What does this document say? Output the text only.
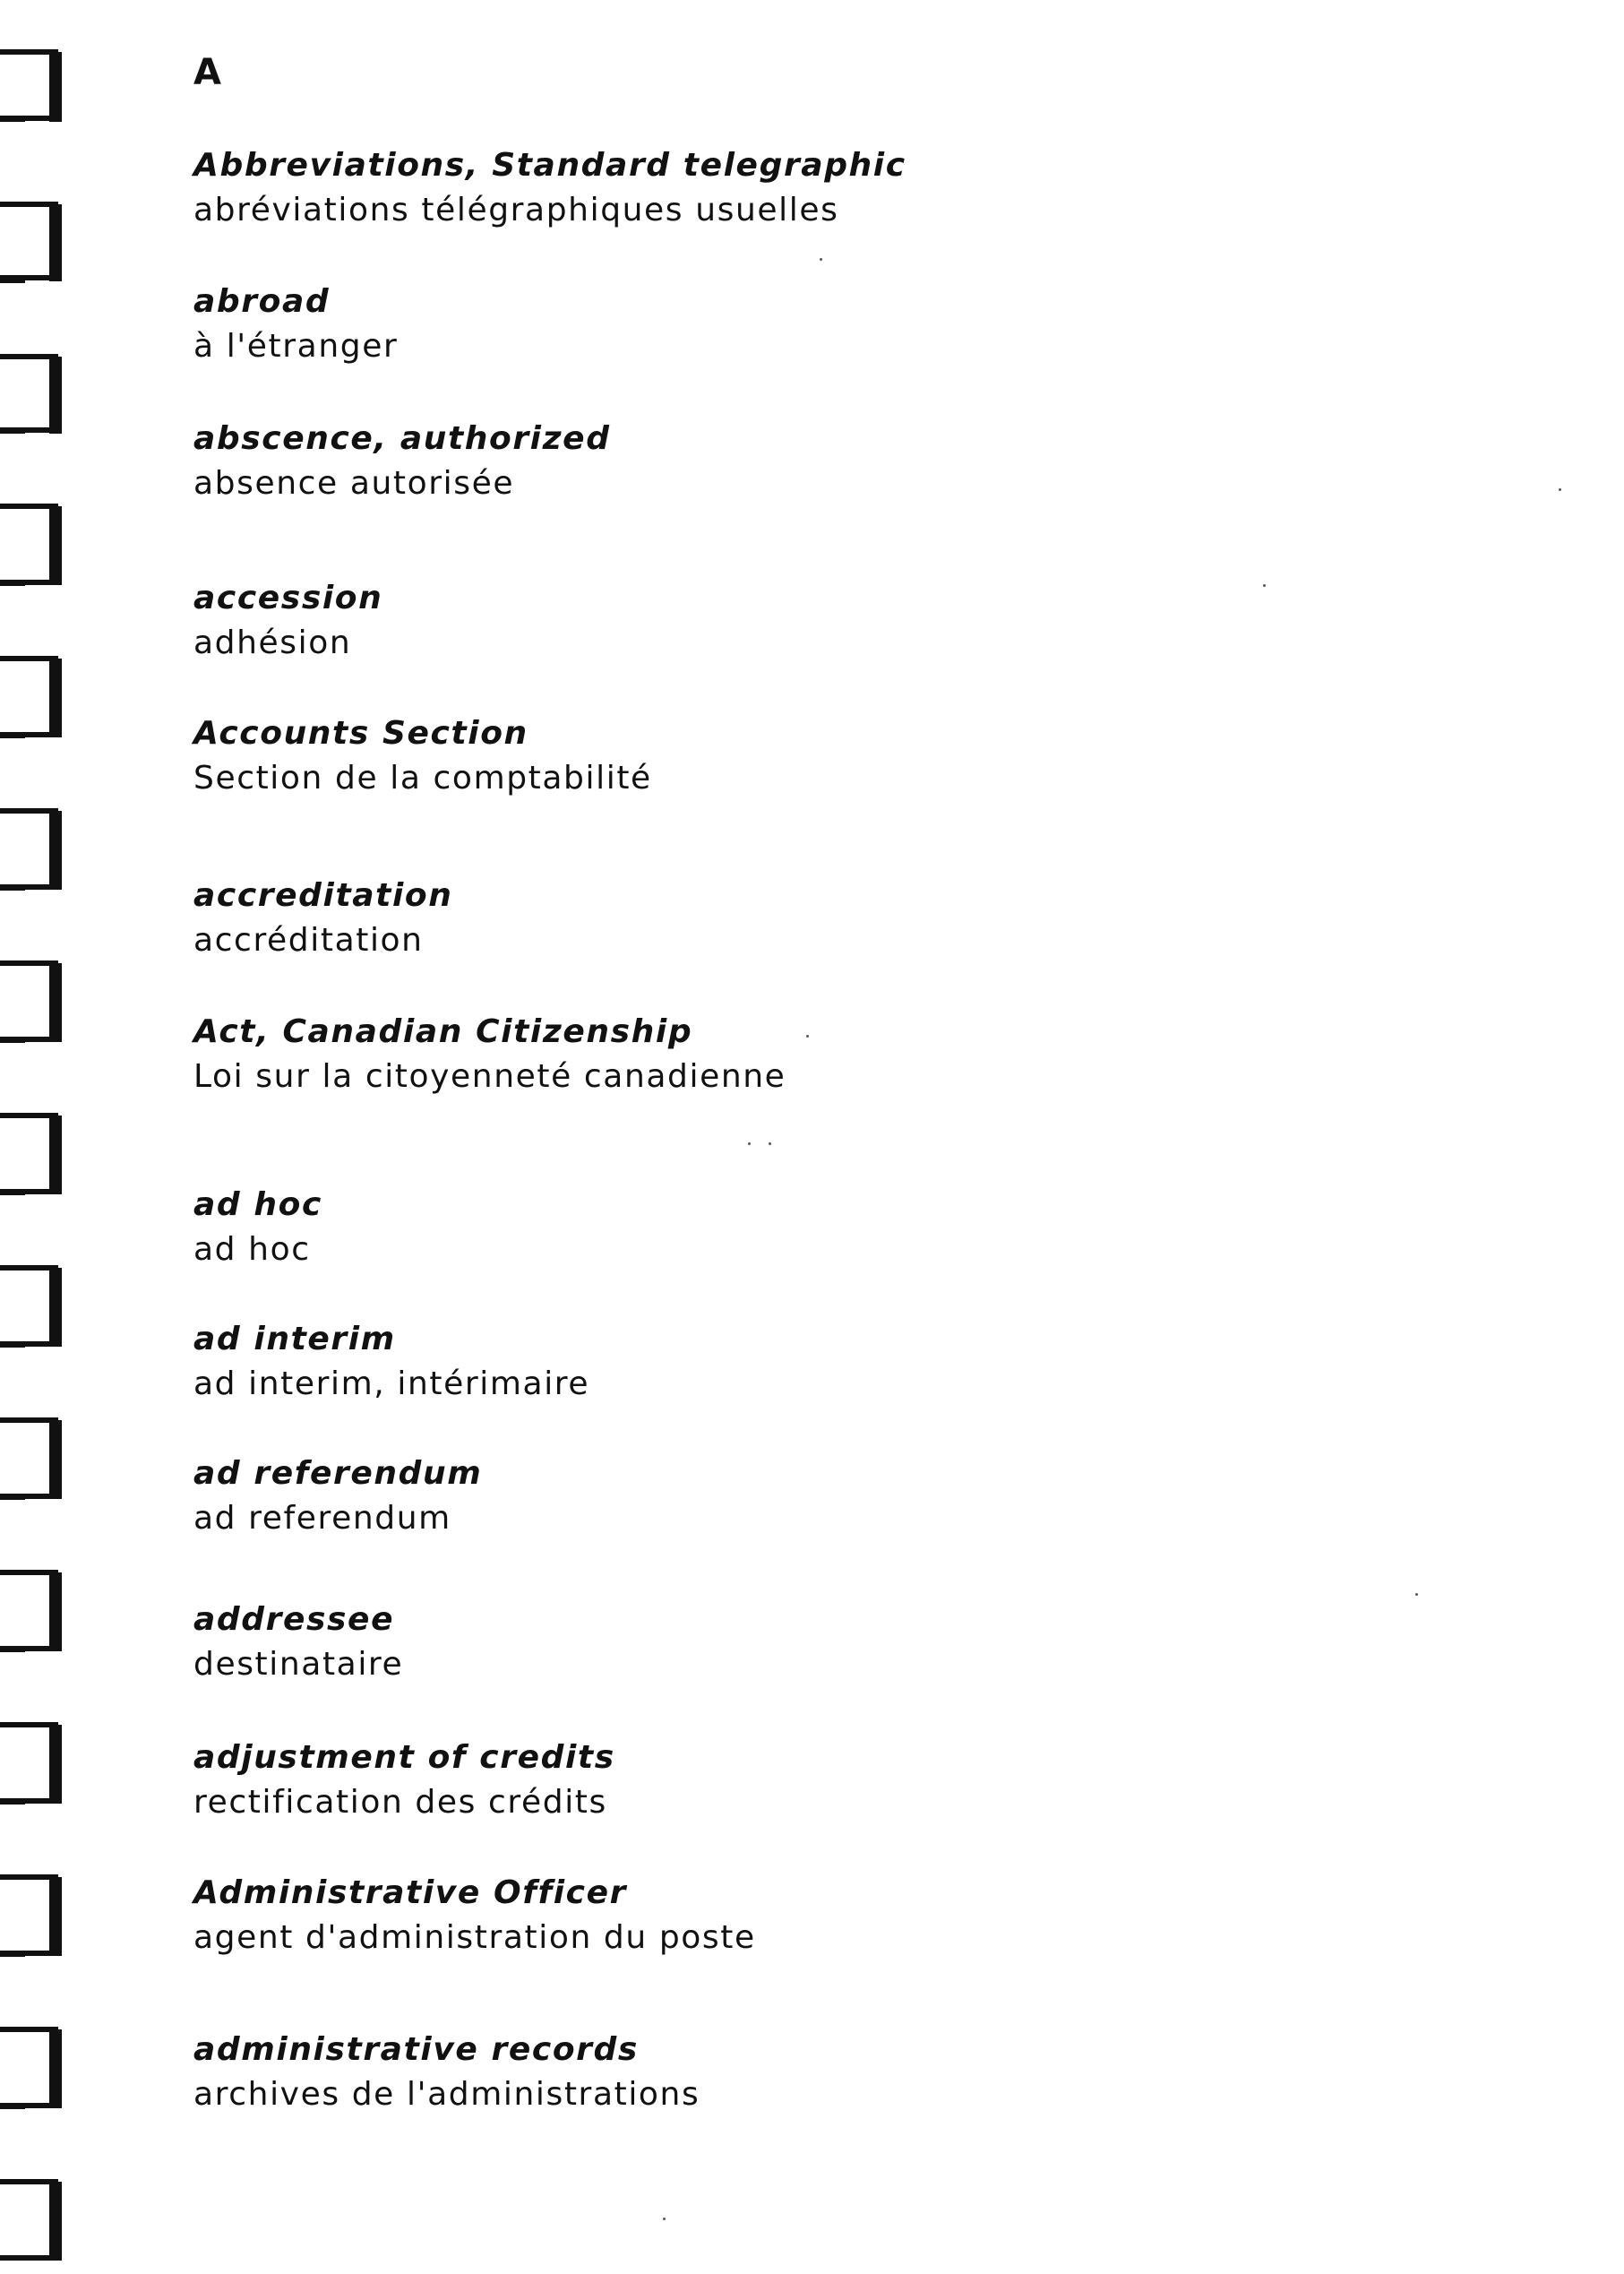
A
Abbreviations, Standard telegraphic
abréviations télégraphiques usuelles
abroad
à l'étranger
abscence, authorized
absence autorisée
accession
adhésion
Accounts Section
Section de la comptabilité
accreditation
accréditation
Act, Canadian Citizenship
Loi sur la citoyenneté canadienne
ad hoc
ad hoc
ad interim
ad interim, intérimaire
ad referendum
ad referendum
addressee
destinataire
adjustment of credits
rectification des crédits
Administrative Officer
agent d'administration du poste
administrative records
archives de l'administrations
